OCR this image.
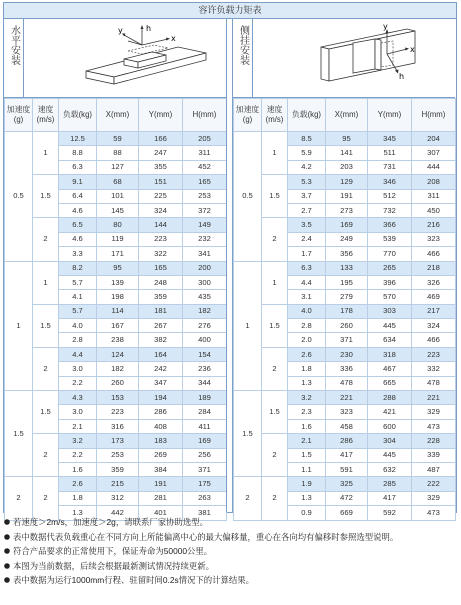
容许负载力矩表
水平安装	h
y
x
加速度
(g)	速度
(m/s)	负载(kg)	X(mm)	Y(mm)	H(mm)
0.5	1	12.5	59	166	205
		8.8	88	247	311
		6.3	127	355	452
	1.5	9.1	68	151	165
		6.4	101	225	253
		4.6	145	324	372
	2	6.5	80	144	149
		4.6	119	223	232
		3.3	171	322	341
1	1	8.2	95	165	200
		5.7	139	248	300
		4.1	198	359	435
	1.5	5.7	114	181	182
		4.0	167	267	276
		2.8	238	382	400
	2	4.4	124	164	154
		3.0	182	242	236
		2.2	260	347	344
1.5	1.5	4.3	153	194	189
		3.0	223	286	284
		2.1	316	408	411
	2	3.2	173	183	169
		2.2	253	269	256
		1.6	359	384	371
2	2	2.6	215	191	175
		1.8	312	281	263
		1.3	442	401	381
侧挂安装	y
x
h
加速度
(g)	速度
(m/s)	负载(kg)	X(mm)	Y(mm)	H(mm)
0.5	1	8.5	95	345	204
		5.9	141	511	307
		4.2	203	731	444
	1.5	5.3	129	346	208
		3.7	191	512	311
		2.7	273	732	450
	2	3.5	169	366	216
		2.4	249	539	323
		1.7	356	770	466
1	1	6.3	133	265	218
		4.4	195	396	326
		3.1	279	570	469
	1.5	4.0	178	303	217
		2.8	260	445	324
		2.0	371	634	466
	2	2.6	230	318	223
		1.8	336	467	332
		1.3	478	665	478
1.5	1.5	3.2	221	288	221
		2.3	323	421	329
		1.6	458	600	473
	2	2.1	286	304	228
		1.5	417	445	339
		1.1	591	632	487
2	2	1.9	325	285	222
		1.3	472	417	329
		0.9	669	592	473
若速度＞2m/s，加速度＞2g，请联系厂家协助选型。
表中数据代表负载重心在不同方向上所能偏离中心的最大偏移量，重心在各向均有偏移时参照选型说明。
符合产品要求的正常使用下，保证寿命为50000公里。
本图为当前数据，后续会根据最新测试情况持续更新。
表中数据为运行1000mm行程、驻留时间0.2s情况下的计算结果。
